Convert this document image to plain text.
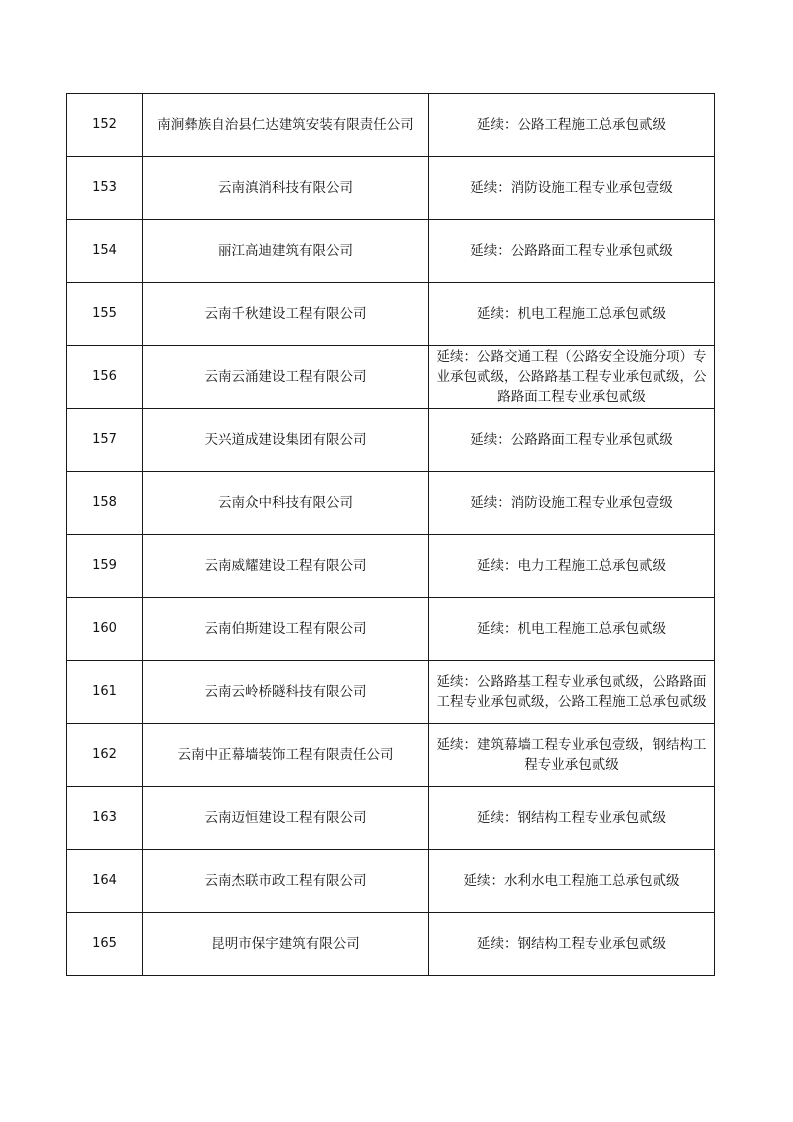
152	南涧彝族自治县仁达建筑安装有限责任公司	延续：公路工程施工总承包贰级
153	云南滇消科技有限公司	延续：消防设施工程专业承包壹级
154	丽江高迪建筑有限公司	延续：公路路面工程专业承包贰级
155	云南千秋建设工程有限公司	延续：机电工程施工总承包贰级
156	云南云涌建设工程有限公司	延续：公路交通工程（公路安全设施分项）专业承包贰级，公路路基工程专业承包贰级，公路路面工程专业承包贰级
157	天兴道成建设集团有限公司	延续：公路路面工程专业承包贰级
158	云南众中科技有限公司	延续：消防设施工程专业承包壹级
159	云南威耀建设工程有限公司	延续：电力工程施工总承包贰级
160	云南伯斯建设工程有限公司	延续：机电工程施工总承包贰级
161	云南云岭桥隧科技有限公司	延续：公路路基工程专业承包贰级，公路路面工程专业承包贰级，公路工程施工总承包贰级
162	云南中正幕墙装饰工程有限责任公司	延续：建筑幕墙工程专业承包壹级，钢结构工程专业承包贰级
163	云南迈恒建设工程有限公司	延续：钢结构工程专业承包贰级
164	云南杰联市政工程有限公司	延续：水利水电工程施工总承包贰级
165	昆明市保宇建筑有限公司	延续：钢结构工程专业承包贰级
